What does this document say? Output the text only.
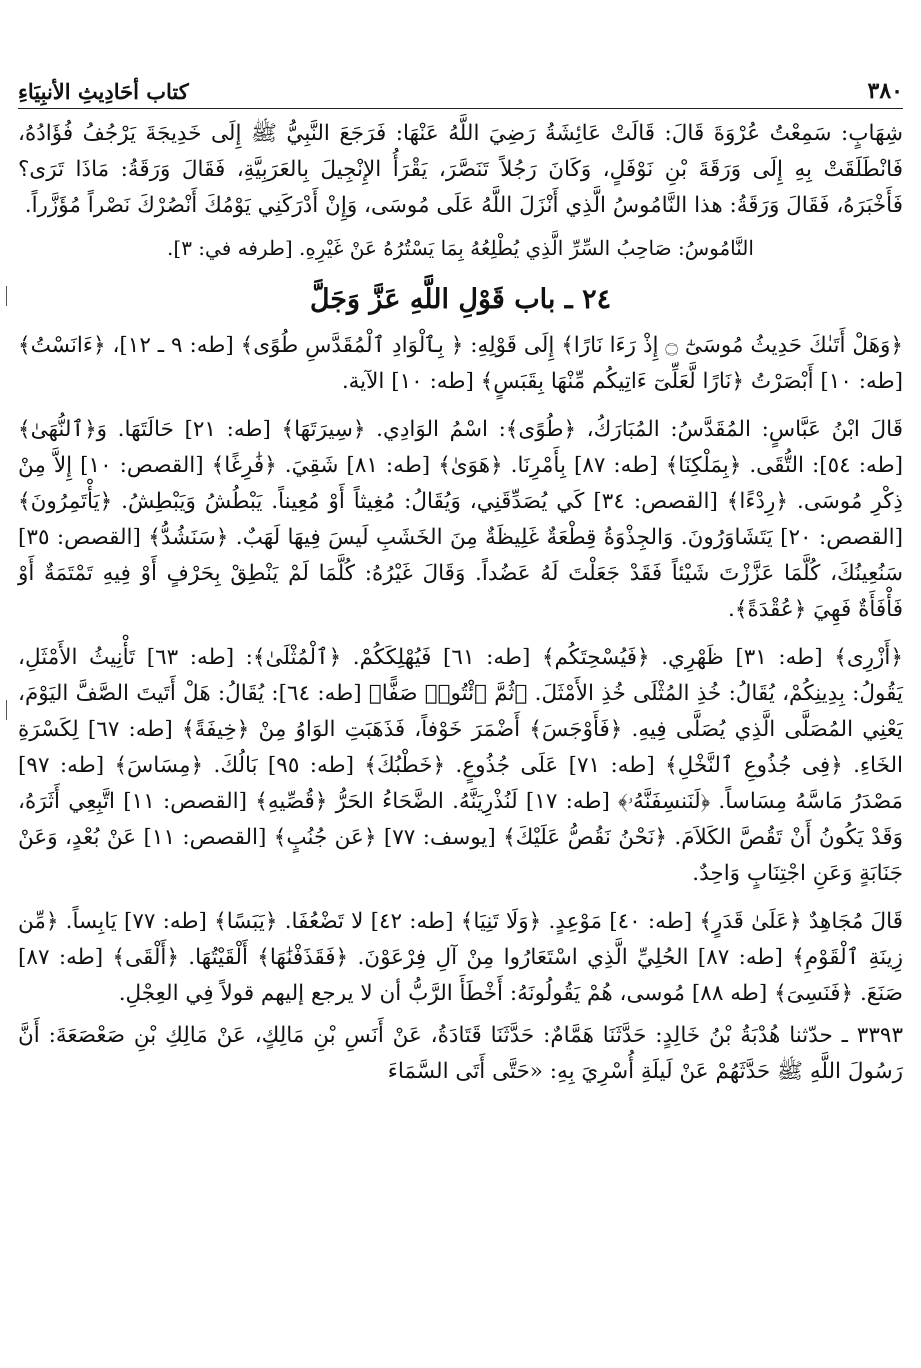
٣٨٠
كتاب أحَادِيثِ الأنبِيَاءِ

شِهَابٍ: سَمِعْتُ عُرْوَةَ قَالَ: قَالَتْ عَائِشَةُ رَضِيَ اللَّهُ عَنْهَا: فَرَجَعَ النَّبِيُّ ﷺ إِلَى خَدِيجَةَ يَرْجُفُ فُؤَادُهُ، فَانْطَلَقَتْ بِهِ إِلَى وَرَقَةَ بْنِ نَوْفَلٍ، وَكَانَ رَجُلاً تَنَصَّرَ، يَقْرَأُ الإِنْجِيلَ بِالعَرَبِيَّةِ، فَقَالَ وَرَقَةُ: مَاذَا تَرَى؟ فَأَخْبَرَهُ، فَقَالَ وَرَقَةُ: هذا النَّامُوسُ الَّذِي أَنْزَلَ اللَّهُ عَلَى مُوسَى، وَإِنْ أَدْرَكَنِي يَوْمُكَ أَنْصُرْكَ نَصْراً مُؤَزَّراً.

النَّامُوسُ: صَاحِبُ السِّرِّ الَّذِي يُطْلِعُهُ بِمَا يَسْتُرُهُ عَنْ غَيْرِهِ. [طرفه في: ٣].

٢٤ ـ باب قَوْلِ اللَّهِ عَزَّ وَجَلَّ

﴿وَهَلْ أَتَىٰكَ حَدِيثُ مُوسَىٰٓ ۝ إِذْ رَءَا نَارًا﴾ إِلَى قَوْلِهِ: ﴿ بِٱلْوَادِ ٱلْمُقَدَّسِ طُوًى﴾ [طه: ٩ ـ ١٢]، ﴿ءَانَسْتُ﴾ [طه: ١٠] أَبْصَرْتُ ﴿نَارًا لَّعَلِّىٓ ءَاتِيكُم مِّنْهَا بِقَبَسٍ﴾ [طه: ١٠] الآية.

قَالَ ابْنُ عَبَّاسٍ: المُقَدَّسُ: المُبَارَكُ، ﴿طُوًى﴾: اسْمُ الوَادِي. ﴿سِيرَتَهَا﴾ [طه: ٢١] حَالَتَهَا. وَ﴿ٱلنُّهَىٰ﴾ [طه: ٥٤]: التُّقَى. ﴿بِمَلْكِنَا﴾ [طه: ٨٧] بِأَمْرِنَا. ﴿هَوَىٰ﴾ [طه: ٨١] شَقِيَ. ﴿فَٰرِغًا﴾ [القصص: ١٠] إِلاَّ مِنْ ذِكْرِ مُوسَى. ﴿رِدْءًا﴾ [القصص: ٣٤] كَي يُصَدِّقَنِي، وَيُقَالُ: مُغِيثاً أَوْ مُعِيناً. يَبْطُشُ وَيَبْطِشُ. ﴿يَأْتَمِرُونَ﴾ [القصص: ٢٠] يَتَشَاوَرُونَ. وَالجِذْوَةُ قِطْعَةٌ غَلِيظَةٌ مِنَ الخَشَبِ لَيسَ فِيهَا لَهَبٌ. ﴿سَنَشُدُّ﴾ [القصص: ٣٥] سَنُعِينُكَ، كُلَّمَا عَزَّزْتَ شَيْئاً فَقَدْ جَعَلْتَ لَهُ عَضُداً. وَقَالَ غَيْرُهُ: كُلَّمَا لَمْ يَنْطِقْ بِحَرْفٍ أَوْ فِيهِ تَمْتَمَةٌ أَوْ فَأْفَأَةٌ فَهِيَ ﴿عُقْدَةً﴾.

﴿أَزْرِى﴾ [طه: ٣١] ظَهْرِي. ﴿فَيُسْحِتَكُم﴾ [طه: ٦١] فَيُهْلِكَكُمْ. ﴿ٱلْمُثْلَىٰ﴾: [طه: ٦٣] تَأْنِيثُ الأَمْثَلِ، يَقُولُ: بِدِينِكُمْ، يُقَالُ: خُذِ المُثْلَى خُذِ الأَمْثَلَ. ﴿ثُمَّ ٱئْتُوا۟ صَفًّا﴾ [طه: ٦٤]: يُقَالُ: هَلْ أَتَيتَ الصَّفَّ اليَوْمَ، يَعْنِي المُصَلَّى الَّذِي يُصَلَّى فِيهِ. ﴿فَأَوْجَسَ﴾ أَضْمَرَ خَوْفاً، فَذَهَبَتِ الوَاوُ مِنْ ﴿خِيفَةً﴾ [طه: ٦٧] لِكَسْرَةِ الخَاءِ. ﴿فِى جُذُوعِ ٱلنَّخْلِ﴾ [طه: ٧١] عَلَى جُذُوعٍ. ﴿خَطْبُكَ﴾ [طه: ٩٥] بَالُكَ. ﴿مِسَاسَ﴾ [طه: ٩٧] مَصْدَرُ مَاسَّهُ مِسَاساً. ﴿لَنَنسِفَنَّهُۥ﴾ [طه: ١٧] لَنُذْرِيَنَّهُ. الضَّحَاءُ الحَرُّ ﴿قُصِّيهِ﴾ [القصص: ١١] اتَّبِعِي أَثَرَهُ، وَقَدْ يَكُونُ أَنْ تَقُصَّ الكَلاَمَ. ﴿نَحْنُ نَقُصُّ عَلَيْكَ﴾ [يوسف: ٧٧] ﴿عَن جُنُبٍ﴾ [القصص: ١١] عَنْ بُعْدٍ، وَعَنْ جَنَابَةٍ وَعَنِ اجْتِنَابٍ وَاحِدٌ.

قَالَ مُجَاهِدٌ ﴿عَلَىٰ قَدَرٍ﴾ [طه: ٤٠] مَوْعِدٍ. ﴿وَلَا تَنِيَا﴾ [طه: ٤٢] لا تَضْعُفَا. ﴿يَبَسًا﴾ [طه: ٧٧] يَابِساً. ﴿مِّن زِينَةِ ٱلْقَوْمِ﴾ [طه: ٨٧] الحُلِيِّ الَّذِي اسْتَعَارُوا مِنْ آلِ فِرْعَوْنَ. ﴿فَقَذَفْنَٰهَا﴾ أَلْقَيْتُهَا. ﴿أَلْقَى﴾ [طه: ٨٧] صَنَعَ. ﴿فَنَسِىَ﴾ [طه ٨٨] مُوسى، هُمْ يَقُولُونَهُ: أَخْطَأَ الرَّبُّ أن لا يرجع إليهم قولاً فِي العِجْلِ.

٣٣٩٣ ـ حدّثنا هُدْبَةُ بْنُ خَالِدٍ: حَدَّثَنَا هَمَّامٌ: حَدَّثَنَا قَتَادَةُ، عَنْ أَنَسِ بْنِ مَالِكٍ، عَنْ مَالِكِ بْنِ صَعْصَعَةَ: أَنَّ رَسُولَ اللَّهِ ﷺ حَدَّثَهُمْ عَنْ لَيلَةِ أُسْرِيَ بِهِ: «حَتَّى أَتَى السَّمَاءَ
